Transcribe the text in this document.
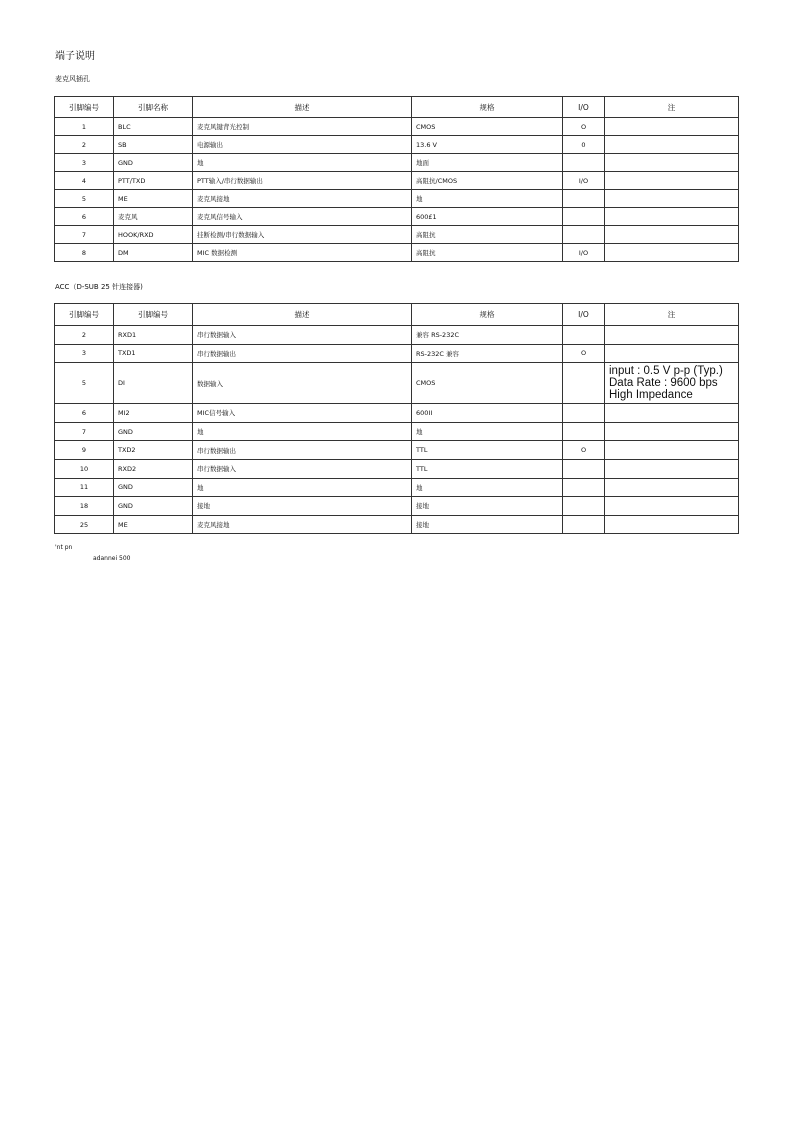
端子说明
麦克风插孔
引脚编号	引脚名称	描述	规格	I/O	注
1	BLC	麦克风键背光控制	CMOS	O	
2	SB	电源输出	13.6 V	0	
3	GND	地	地面		
4	PTT/TXD	PTT输入/串行数据输出	高阻抗/CMOS	I/O	
5	ME	麦克风接地	地		
6	麦克风	麦克风信号输入	600£1		
7	HOOK/RXD	挂断检测/串行数据输入	高阻抗		
8	DM	MIC 数据检测	高阻抗	I/O	
ACC（D-SUB 25 针连接器)
引脚编号	引脚编号	描述	规格	I/O	注
2	RXD1	串行数据输入	兼容 RS-232C		
3	TXD1	串行数据输出	RS-232C 兼容	O	
5	DI	数据输入	CMOS		input : 0.5 V p-p (Typ.)
Data Rate : 9600 bps
High Impedance

6	MI2	MIC信号输入	600II		
7	GND	地	地		
9	TXD2	串行数据输出	TTL	O	
10	RXD2	串行数据输入	TTL		
11	GND	地	地		
18	GND	接地	接地		
25	ME	麦克风接地	接地		
'nt pn
adannei 500
